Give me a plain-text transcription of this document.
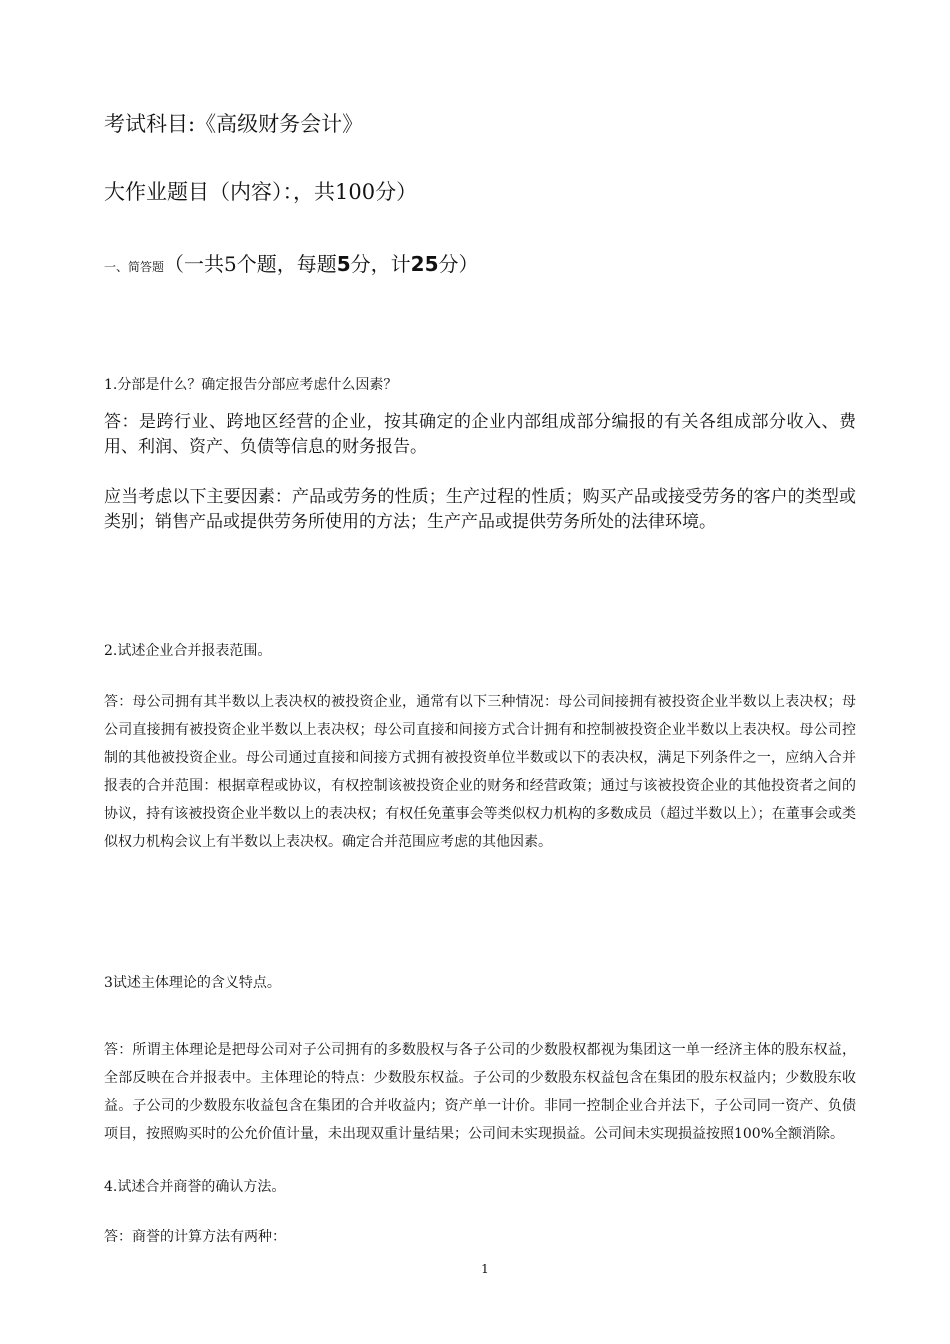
考试科目:《高级财务会计》
大作业题目（内容）：，共100分）
一、简答题（一共5个题，每题5分，计25分）
1.分部是什么？确定报告分部应考虑什么因素？
答：是跨行业、跨地区经营的企业，按其确定的企业内部组成部分编报的有关各组成部分收入、费用、利润、资产、负债等信息的财务报告。
应当考虑以下主要因素：产品或劳务的性质；生产过程的性质；购买产品或接受劳务的客户的类型或类别；销售产品或提供劳务所使用的方法；生产产品或提供劳务所处的法律环境。
2.试述企业合并报表范围。
答：母公司拥有其半数以上表决权的被投资企业，通常有以下三种情况：母公司间接拥有被投资企业半数以上表决权；母公司直接拥有被投资企业半数以上表决权；母公司直接和间接方式合计拥有和控制被投资企业半数以上表决权。母公司控制的其他被投资企业。母公司通过直接和间接方式拥有被投资单位半数或以下的表决权，满足下列条件之一，应纳入合并报表的合并范围：根据章程或协议，有权控制该被投资企业的财务和经营政策；通过与该被投资企业的其他投资者之间的协议，持有该被投资企业半数以上的表决权；有权任免董事会等类似权力机构的多数成员（超过半数以上）；在董事会或类似权力机构会议上有半数以上表决权。确定合并范围应考虑的其他因素。
3试述主体理论的含义特点。
答：所谓主体理论是把母公司对子公司拥有的多数股权与各子公司的少数股权都视为集团这一单一经济主体的股东权益，全部反映在合并报表中。主体理论的特点：少数股东权益。子公司的少数股东权益包含在集团的股东权益内；少数股东收益。子公司的少数股东收益包含在集团的合并收益内；资产单一计价。非同一控制企业合并法下，子公司同一资产、负债项目，按照购买时的公允价值计量，未出现双重计量结果；公司间未实现损益。公司间未实现损益按照100%全额消除。
4.试述合并商誉的确认方法。
答：商誉的计算方法有两种：
1
